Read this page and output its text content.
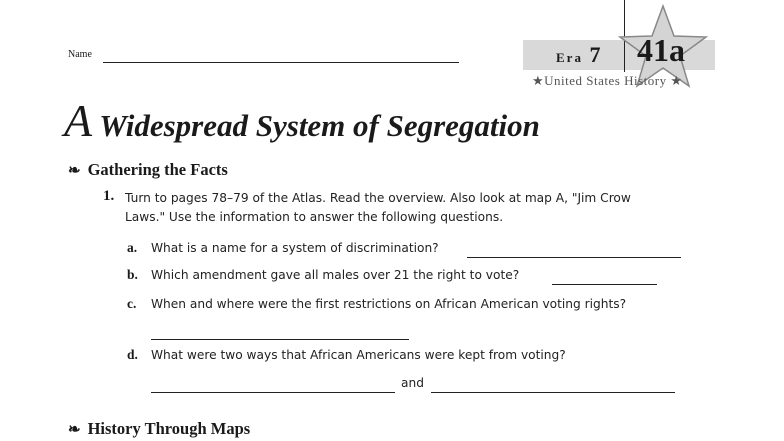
Name	Era 7 41a
★United States History ★
A Widespread System of Segregation
❧ Gathering the Facts
1. Turn to pages 78–79 of the Atlas. Read the overview. Also look at map A, "Jim Crow
Laws." Use the information to answer the following questions.
a. What is a name for a system of discrimination?
b. Which amendment gave all males over 21 the right to vote?
c. When and where were the first restrictions on African American voting rights?
d. What were two ways that African Americans were kept from voting?
and
❧ History Through Maps
